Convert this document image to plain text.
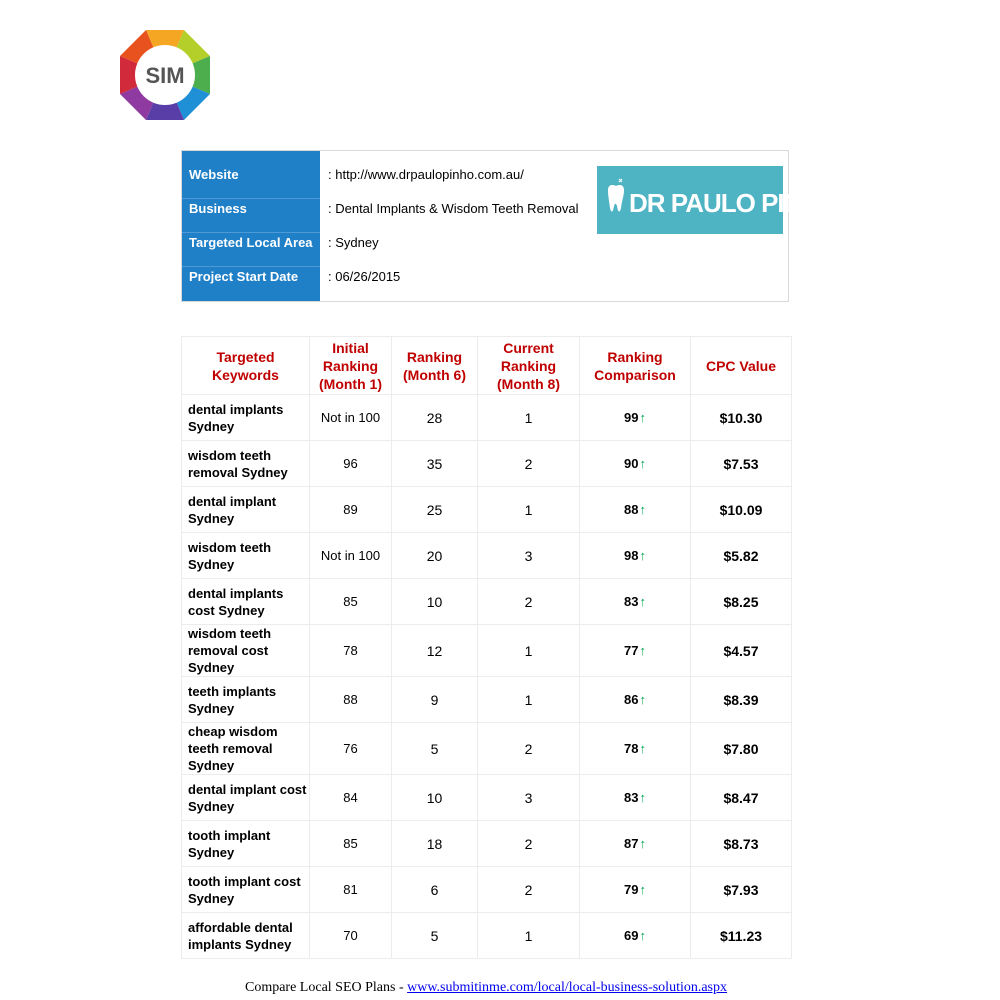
SIM
Website	: http://www.drpaulopinho.com.au/
Business	: Dental Implants & Wisdom Teeth Removal
Targeted Local Area : Sydney
Project Start Date : 06/26/2015
DR PAULO PINHO
Targeted Keywords	Initial Ranking (Month 1)	Ranking (Month 6)	Current Ranking (Month 8)	Ranking Comparison	CPC Value
dental implants Sydney	Not in 100	28	1	99↑	$10.30
wisdom teeth removal Sydney	96	35	2	90↑	$7.53
dental implant Sydney	89	25	1	88↑	$10.09
wisdom teeth Sydney	Not in 100	20	3	98↑	$5.82
dental implants cost Sydney	85	10	2	83↑	$8.25
wisdom teeth removal cost Sydney	78	12	1	77↑	$4.57
teeth implants Sydney	88	9	1	86↑	$8.39
cheap wisdom teeth removal Sydney	76	5	2	78↑	$7.80
dental implant cost Sydney	84	10	3	83↑	$8.47
tooth implant Sydney	85	18	2	87↑	$8.73
tooth implant cost Sydney	81	6	2	79↑	$7.93
affordable dental implants Sydney	70	5	1	69↑	$11.23
Compare Local SEO Plans - www.submitinme.com/local/local-business-solution.aspx
